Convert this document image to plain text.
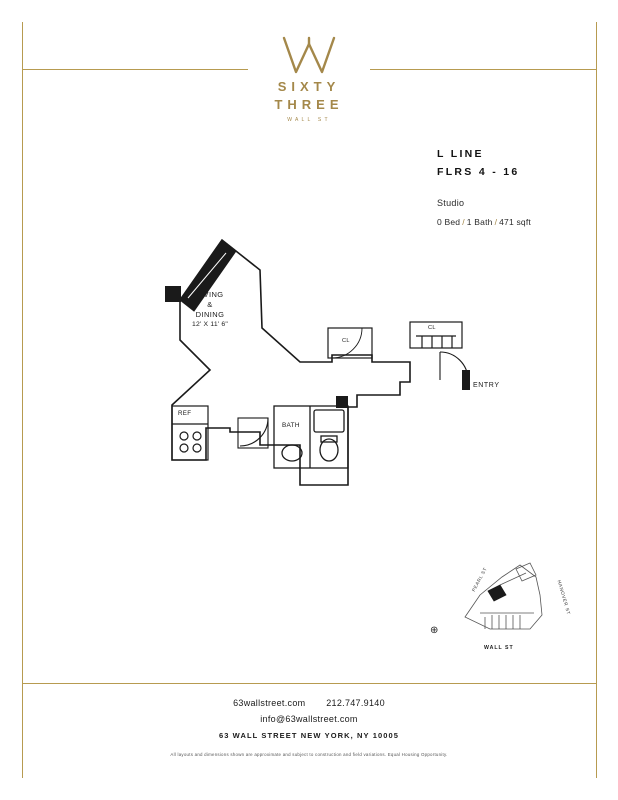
SIXTY
THREE
WALL ST
L LINE
FLRS 4 - 16
Studio
0 Bed / 1 Bath / 471 sqft
LIVING
&
DINING
12' X 11' 6"
CL
CL
ENTRY
BATH
REF
PEARL ST
HANOVER ST
WALL ST
⊕
63wallstreet.com 212.747.9140
info@63wallstreet.com
63 WALL STREET NEW YORK, NY 10005
All layouts and dimensions shown are approximate and subject to construction and field variations. Equal Housing Opportunity.
